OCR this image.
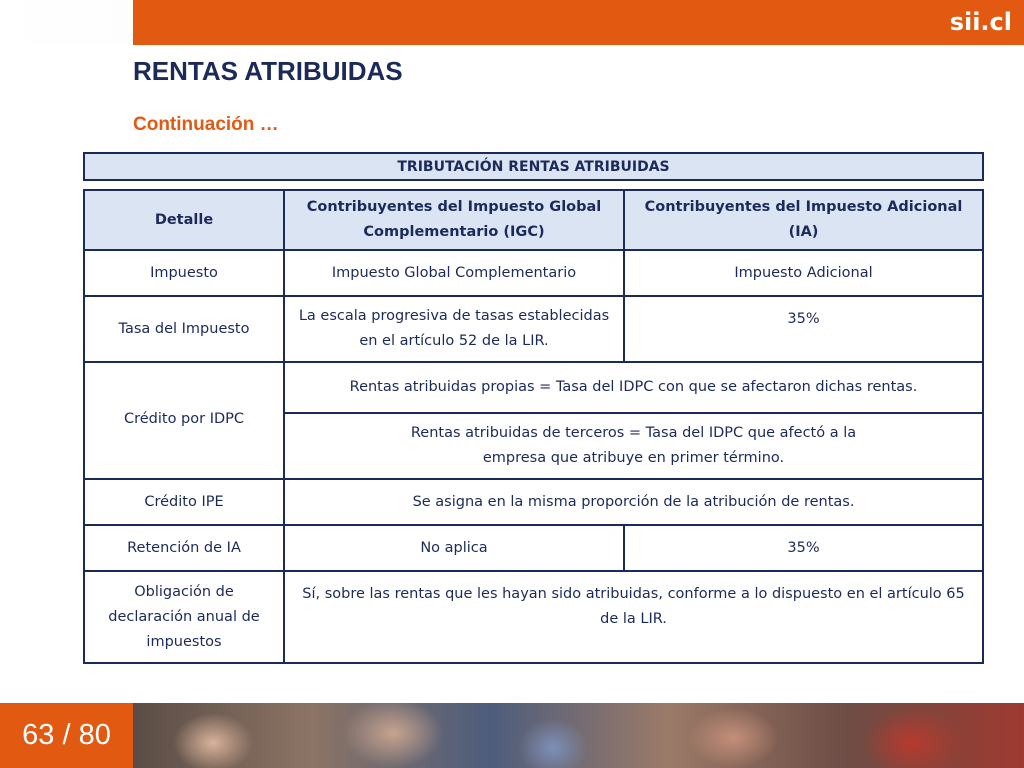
sii.cl
RENTAS ATRIBUIDAS
Continuación …
TRIBUTACIÓN RENTAS ATRIBUIDAS
Detalle	Contribuyentes del Impuesto Global Complementario (IGC)	Contribuyentes del Impuesto Adicional (IA)
Impuesto	Impuesto Global Complementario	Impuesto Adicional
Tasa del Impuesto	La escala progresiva de tasas establecidas en el artículo 52 de la LIR.	35%
Crédito por IDPC	Rentas atribuidas propias = Tasa del IDPC con que se afectaron dichas rentas.	
	Rentas atribuidas de terceros = Tasa del IDPC que afectó a la empresa que atribuye en primer término.	
Crédito IPE	Se asigna en la misma proporción de la atribución de rentas.	
Retención de IA	No aplica	35%
Obligación de declaración anual de impuestos	Sí, sobre las rentas que les hayan sido atribuidas, conforme a lo dispuesto en el artículo 65 de la LIR.	
63 / 80
